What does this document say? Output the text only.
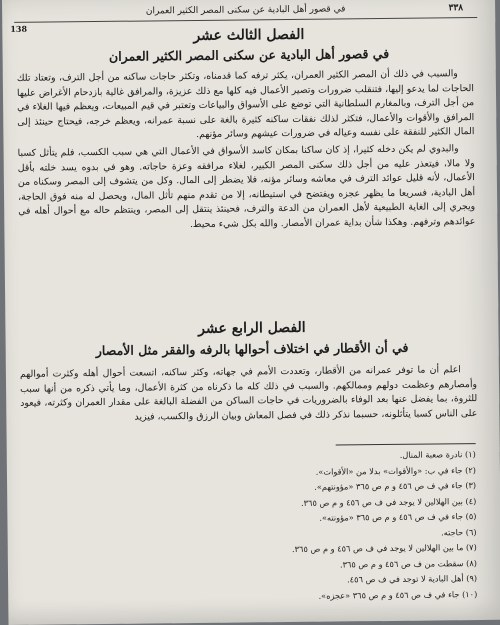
٣٣٨
في قصور أهل البادية عن سكنى المصر الكثير العمران
138	الفصل الثالث عشر
في قصور أهل البادية عن سكنى المصر الكثير العمران

والسبب في ذلك أن المصر الكثير العمران، يكثر ترفه كما قدمناه، وتكثر حاجات ساكنه من أجل الترف، وتعتاد تلك الحاجات لما يدعو إليها، فتنقلب ضرورات وتصير الأعمال فيه كلها مع ذلك عزيزة، والمرافق غالية بازدحام الأغراض عليها من أجل الترف، وبالمغارم السلطانية التي توضع على الأسواق والبياعات وتعتبر في قيم المبيعات، ويعظم فيها الغلاء في المرافق والأقوات والأعمال، فتكثر لذلك نفقات ساكنه كثيرة بالغة على نسبة عمرانه، ويعظم خرجه، فيحتاج حينئذ إلى المال الكثير للنفقة على نفسه وعياله في ضرورات عيشهم وسائر مؤنهم.

والبدوي لم يكن دخله كثيرا، إذ كان ساكنا بمكان كاسد الأسواق في الأعمال التي هي سبب الكسب، فلم يتأثل كسبا ولا مالا، فيتعذر عليه من أجل ذلك سكنى المصر الكبير، لغلاء مرافقه وعزة حاجاته. وهو في بدوه يسد خلته بأقل الأعمال، لأنه قليل عوائد الترف في معاشه وسائر مؤنه، فلا يضطر إلى المال. وكل من يتشوف إلى المصر وسكناه من أهل البادية، فسريعا ما يظهر عجزه ويفتضح في استيطانه، إلا من تقدم منهم تأثل المال، ويحصل له منه فوق الحاجة، ويجري إلى الغاية الطبيعية لأهل العمران من الدعة والترف، فحينئذ ينتقل إلى المصر، وينتظم حاله مع أحوال أهله في عوائدهم وترفهم. وهكذا شأن بداية عمران الأمصار. والله بكل شيء محيط.

الفصل الرابع عشر
في أن الأقطار في اختلاف أحوالها بالرفه والفقر مثل الأمصار

اعلم أن ما توفر عمرانه من الأقطار، وتعددت الأمم في جهاته، وكثر ساكنه، اتسعت أحوال أهله وكثرت أموالهم وأمصارهم وعظمت دولهم وممالكهم. والسبب في ذلك كله ما ذكرناه من كثرة الأعمال، وما يأتي ذكره من أنها سبب للثروة، بما يفضل عنها بعد الوفاء بالضروريات في حاجات الساكن من الفضلة البالغة على مقدار العمران وكثرته، فيعود على الناس كسبا يتأثلونه، حسبما نذكر ذلك في فصل المعاش وبيان الرزق والكسب، فيزيد

(١) نادرة صعبة المنال.
(٢) جاء في ب: «والأقوات» بدلا من «الأقوات».
(٣) جاء في ف ص ٤٥٦ و م ص ٣٦٥ «مؤونتهم».
(٤) بين الهلالين لا يوجد في ف ص ٤٥٦ و م ص ٣٦٥.
(٥) جاء في ف ص ٤٥٦ و م ص ٣٦٥ «مؤونته».
(٦) حاجته.
(٧) ما بين الهلالين لا يوجد في ف ص ٤٥٦ و م ص ٣٦٥.
(٨) سقطت من ف ص ٤٥٦ و م ص ٣٦٥.
(٩) أهل البادية لا توجد في ف ص ٤٥٦.
(١٠) جاء في ف ص ٤٥٦ و م ص ٣٦٥ «عجزه».
